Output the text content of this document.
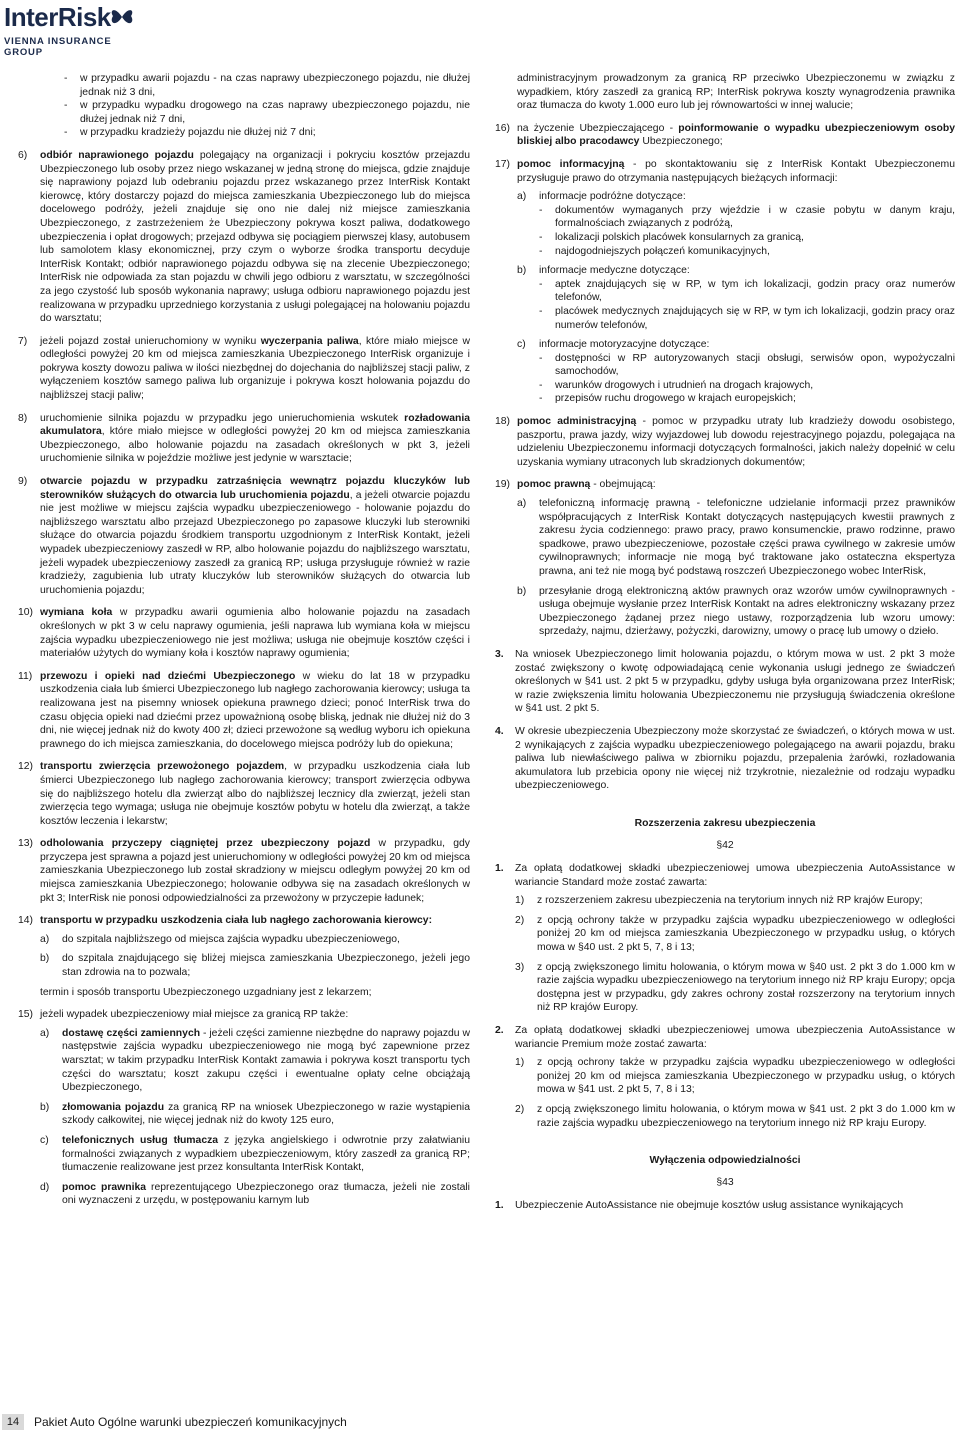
InterRisk
VIENNA INSURANCE GROUP
- w przypadku awarii pojazdu - na czas naprawy ubezpieczonego pojazdu, nie dłużej jednak niż 3 dni,
- w przypadku wypadku drogowego na czas naprawy ubezpieczonego pojazdu, nie dłużej jednak niż 7 dni,
- w przypadku kradzieży pojazdu nie dłużej niż 7 dni;
6) odbiór naprawionego pojazdu polegający na organizacji i pokryciu kosztów przejazdu Ubezpieczonego lub osoby przez niego wskazanej w jedną stronę do miejsca, gdzie znajduje się naprawiony pojazd lub odebraniu pojazdu przez wskazanego przez InterRisk Kontakt kierowcę, który dostarczy pojazd do miejsca zamieszkania Ubezpieczonego lub do miejsca docelowego podróży, jeżeli znajduje się ono nie dalej niż miejsce zamieszkania Ubezpieczonego, z zastrzeżeniem że Ubezpieczony pokrywa koszt paliwa, dodatkowego ubezpieczenia i opłat drogowych; przejazd odbywa się pociągiem pierwszej klasy, autobusem lub samolotem klasy ekonomicznej, przy czym o wyborze środka transportu decyduje InterRisk Kontakt; odbiór naprawionego pojazdu odbywa się na zlecenie Ubezpieczonego; InterRisk nie odpowiada za stan pojazdu w chwili jego odbioru z warsztatu, w szczególności za jego czystość lub sposób wykonania naprawy; usługa odbioru naprawionego pojazdu jest realizowana w przypadku uprzedniego korzystania z usługi polegającej na holowaniu pojazdu do warsztatu;
7) jeżeli pojazd został unieruchomiony w wyniku wyczerpania paliwa, które miało miejsce w odległości powyżej 20 km od miejsca zamieszkania Ubezpieczonego InterRisk organizuje i pokrywa koszty dowozu paliwa w ilości niezbędnej do dojechania do najbliższej stacji paliw, z wyłączeniem kosztów samego paliwa lub organizuje i pokrywa koszt holowania pojazdu do najbliższej stacji paliw;
8) uruchomienie silnika pojazdu w przypadku jego unieruchomienia wskutek rozładowania akumulatora, które miało miejsce w odległości powyżej 20 km od miejsca zamieszkania Ubezpieczonego, albo holowanie pojazdu na zasadach określonych w pkt 3, jeżeli uruchomienie silnika w pojeździe możliwe jest jedynie w warsztacie;
9) otwarcie pojazdu w przypadku zatrzaśnięcia wewnątrz pojazdu kluczyków lub sterowników służących do otwarcia lub uruchomienia pojazdu, a jeżeli otwarcie pojazdu nie jest możliwe w miejscu zajścia wypadku ubezpieczeniowego - holowanie pojazdu do najbliższego warsztatu albo przejazd Ubezpieczonego po zapasowe kluczyki lub sterowniki służące do otwarcia pojazdu środkiem transportu uzgodnionym z InterRisk Kontakt, jeżeli wypadek ubezpieczeniowy zaszedł w RP, albo holowanie pojazdu do najbliższego warsztatu, jeżeli wypadek ubezpieczeniowy zaszedł za granicą RP; usługa przysługuje również w razie kradzieży, zagubienia lub utraty kluczyków lub sterowników służących do otwarcia lub uruchomienia pojazdu;
10) wymiana koła w przypadku awarii ogumienia albo holowanie pojazdu na zasadach określonych w pkt 3 w celu naprawy ogumienia, jeśli naprawa lub wymiana koła w miejscu zajścia wypadku ubezpieczeniowego nie jest możliwa; usługa nie obejmuje kosztów części i materiałów użytych do wymiany koła i kosztów naprawy ogumienia;
11) przewozu i opieki nad dziećmi Ubezpieczonego w wieku do lat 18 w przypadku uszkodzenia ciała lub śmierci Ubezpieczonego lub nagłego zachorowania kierowcy; usługa ta realizowana jest na pisemny wniosek opiekuna prawnego dzieci; ponoć InterRisk trwa do czasu objęcia opieki nad dziećmi przez upoważnioną osobę bliską, jednak nie dłużej niż do 3 dni, nie więcej jednak niż do kwoty 400 zł; dzieci przewożone są według wyboru ich opiekuna prawnego do ich miejsca zamieszkania, do docelowego miejsca podróży lub do opiekuna;
12) transportu zwierzęcia przewożonego pojazdem, w przypadku uszkodzenia ciała lub śmierci Ubezpieczonego lub nagłego zachorowania kierowcy; transport zwierzęcia odbywa się do najbliższego hotelu dla zwierząt albo do najbliższej lecznicy dla zwierząt, jeżeli stan zwierzęcia tego wymaga; usługa nie obejmuje kosztów pobytu w hotelu dla zwierząt, a także kosztów leczenia i lekarstw;
13) odholowania przyczepy ciągniętej przez ubezpieczony pojazd w przypadku, gdy przyczepa jest sprawna a pojazd jest unieruchomiony w odległości powyżej 20 km od miejsca zamieszkania Ubezpieczonego lub został skradziony w miejscu odległym powyżej 20 km od miejsca zamieszkania Ubezpieczonego; holowanie odbywa się na zasadach określonych w pkt 3; InterRisk nie ponosi odpowiedzialności za przewożony w przyczepie ładunek;
14) transportu w przypadku uszkodzenia ciała lub nagłego zachorowania kierowcy:
a) do szpitala najbliższego od miejsca zajścia wypadku ubezpieczeniowego,
b) do szpitala znajdującego się bliżej miejsca zamieszkania Ubezpieczonego, jeżeli jego stan zdrowia na to pozwala;
termin i sposób transportu Ubezpieczonego uzgadniany jest z lekarzem;
15) jeżeli wypadek ubezpieczeniowy miał miejsce za granicą RP także:
a) dostawę części zamiennych - jeżeli części zamienne niezbędne do naprawy pojazdu w następstwie zajścia wypadku ubezpieczeniowego nie mogą być zapewnione przez warsztat; w takim przypadku InterRisk Kontakt zamawia i pokrywa koszt transportu tych części do warsztatu; koszt zakupu części i ewentualne opłaty celne obciążają Ubezpieczonego,
b) złomowania pojazdu za granicą RP na wniosek Ubezpieczonego w razie wystąpienia szkody całkowitej, nie więcej jednak niż do kwoty 125 euro,
c) telefonicznych usług tłumacza z języka angielskiego i odwrotnie przy załatwianiu formalności związanych z wypadkiem ubezpieczeniowym, który zaszedł za granicą RP; tłumaczenie realizowane jest przez konsultanta InterRisk Kontakt,
d) pomoc prawnika reprezentującego Ubezpieczonego oraz tłumacza, jeżeli nie zostali oni wyznaczeni z urzędu, w postępowaniu karnym lub
administracyjnym prowadzonym za granicą RP przeciwko Ubezpieczonemu w związku z wypadkiem, który zaszedł za granicą RP; InterRisk pokrywa koszty wynagrodzenia prawnika oraz tłumacza do kwoty 1.000 euro lub jej równowartości w innej walucie;
16) na życzenie Ubezpieczającego - poinformowanie o wypadku ubezpieczeniowym osoby bliskiej albo pracodawcy Ubezpieczonego;
17) pomoc informacyjną - po skontaktowaniu się z InterRisk Kontakt Ubezpieczonemu przysługuje prawo do otrzymania następujących bieżących informacji:
a) informacje podróżne dotyczące:
- dokumentów wymaganych przy wjeździe i w czasie pobytu w danym kraju, formalnościach związanych z podróżą,
- lokalizacji polskich placówek konsularnych za granicą,
- najdogodniejszych połączeń komunikacyjnych,
b) informacje medyczne dotyczące:
- aptek znajdujących się w RP, w tym ich lokalizacji, godzin pracy oraz numerów telefonów,
- placówek medycznych znajdujących się w RP, w tym ich lokalizacji, godzin pracy oraz numerów telefonów,
c) informacje motoryzacyjne dotyczące:
- dostępności w RP autoryzowanych stacji obsługi, serwisów opon, wypożyczalni samochodów,
- warunków drogowych i utrudnień na drogach krajowych,
- przepisów ruchu drogowego w krajach europejskich;
18) pomoc administracyjną - pomoc w przypadku utraty lub kradzieży dowodu osobistego, paszportu, prawa jazdy, wizy wyjazdowej lub dowodu rejestracyjnego pojazdu, polegająca na udzieleniu Ubezpieczonemu informacji dotyczących formalności, jakich należy dopełnić w celu uzyskania wymiany utraconych lub skradzionych dokumentów;
19) pomoc prawną - obejmującą:
a) telefoniczną informację prawną - telefoniczne udzielanie informacji przez prawników współpracujących z InterRisk Kontakt dotyczących następujących kwestii prawnych z zakresu życia codziennego: prawo pracy, prawo konsumenckie, prawo rodzinne, prawo spadkowe, prawo ubezpieczeniowe, pozostałe części prawa cywilnego w zakresie umów cywilnoprawnych; informacje nie mogą być traktowane jako ostateczna ekspertyza prawna, ani też nie mogą być podstawą roszczeń Ubezpieczonego wobec InterRisk,
b) przesyłanie drogą elektroniczną aktów prawnych oraz wzorów umów cywilnoprawnych - usługa obejmuje wysłanie przez InterRisk Kontakt na adres elektroniczny wskazany przez Ubezpieczonego żądanej przez niego ustawy, rozporządzenia lub wzoru umowy: sprzedaży, najmu, dzierżawy, pożyczki, darowizny, umowy o pracę lub umowy o dzieło.
3. Na wniosek Ubezpieczonego limit holowania pojazdu, o którym mowa w ust. 2 pkt 3 może zostać zwiększony o kwotę odpowiadającą cenie wykonania usługi jednego ze świadczeń określonych w §41 ust. 2 pkt 5 w przypadku, gdyby usługa była organizowana przez InterRisk; w razie zwiększenia limitu holowania Ubezpieczonemu nie przysługują świadczenia określone w §41 ust. 2 pkt 5.
4. W okresie ubezpieczenia Ubezpieczony może skorzystać ze świadczeń, o których mowa w ust. 2 wynikających z zajścia wypadku ubezpieczeniowego polegającego na awarii pojazdu, braku paliwa lub niewłaściwego paliwa w zbiorniku pojazdu, przepalenia żarówki, rozładowania akumulatora lub przebicia opony nie więcej niż trzykrotnie, niezależnie od rodzaju wypadku ubezpieczeniowego.
Rozszerzenia zakresu ubezpieczenia
§42
1. Za opłatą dodatkowej składki ubezpieczeniowej umowa ubezpieczenia AutoAssistance w wariancie Standard może zostać zawarta:
1) z rozszerzeniem zakresu ubezpieczenia na terytorium innych niż RP krajów Europy;
2) z opcją ochrony także w przypadku zajścia wypadku ubezpieczeniowego w odległości poniżej 20 km od miejsca zamieszkania Ubezpieczonego w przypadku usług, o których mowa w §40 ust. 2 pkt 5, 7, 8 i 13;
3) z opcją zwiększonego limitu holowania, o którym mowa w §40 ust. 2 pkt 3 do 1.000 km w razie zajścia wypadku ubezpieczeniowego na terytorium innego niż RP kraju Europy; opcja dostępna jest w przypadku, gdy zakres ochrony został rozszerzony na terytorium innych niż RP krajów Europy.
2. Za opłatą dodatkowej składki ubezpieczeniowej umowa ubezpieczenia AutoAssistance w wariancie Premium może zostać zawarta:
1) z opcją ochrony także w przypadku zajścia wypadku ubezpieczeniowego w odległości poniżej 20 km od miejsca zamieszkania Ubezpieczonego w przypadku usług, o których mowa w §41 ust. 2 pkt 5, 7, 8 i 13;
2) z opcją zwiększonego limitu holowania, o którym mowa w §41 ust. 2 pkt 3 do 1.000 km w razie zajścia wypadku ubezpieczeniowego na terytorium innego niż RP kraju Europy.
Wyłączenia odpowiedzialności
§43
1. Ubezpieczenie AutoAssistance nie obejmuje kosztów usług assistance wynikających
14	Pakiet Auto Ogólne warunki ubezpieczeń komunikacyjnych
